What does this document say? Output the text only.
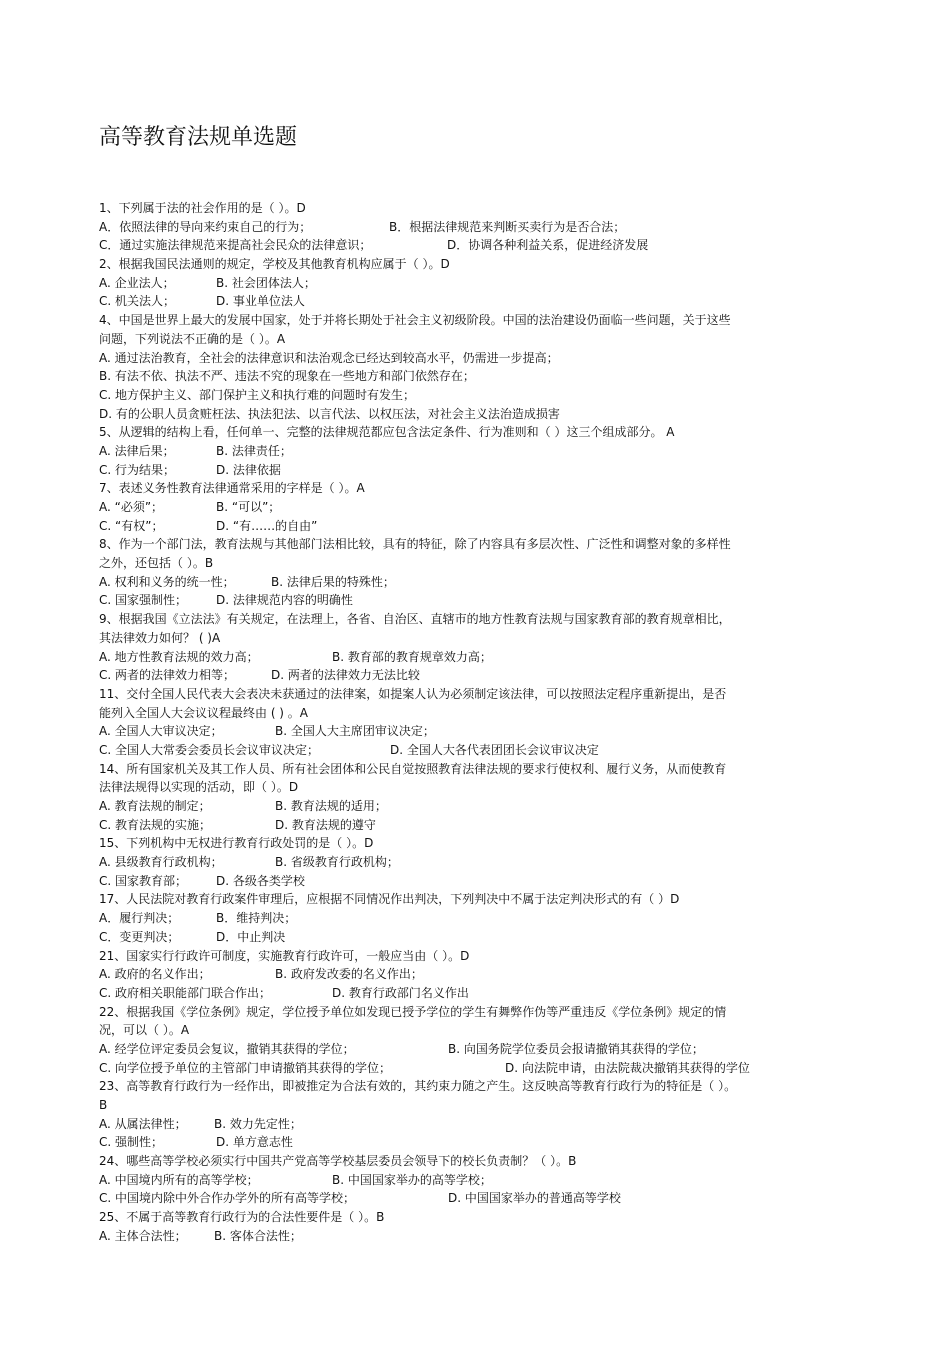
高等教育法规单选题
1、下列属于法的社会作用的是（ ）。D
A．依照法律的导向来约束自己的行为；	B．根据法律规范来判断买卖行为是否合法；
C．通过实施法律规范来提高社会民众的法律意识；	D．协调各种利益关系，促进经济发展
2、根据我国民法通则的规定，学校及其他教育机构应属于（ ）。D
A. 企业法人；	B. 社会团体法人；
C. 机关法人；	D. 事业单位法人
4、中国是世界上最大的发展中国家，处于并将长期处于社会主义初级阶段。中国的法治建设仍面临一些问题，关于这些
问题，下列说法不正确的是（ ）。A
A. 通过法治教育，全社会的法律意识和法治观念已经达到较高水平，仍需进一步提高；
B. 有法不依、执法不严、违法不究的现象在一些地方和部门依然存在；
C. 地方保护主义、部门保护主义和执行难的问题时有发生；
D. 有的公职人员贪赃枉法、执法犯法、以言代法、以权压法，对社会主义法治造成损害
5、从逻辑的结构上看，任何单一、完整的法律规范都应包含法定条件、行为准则和（ ）这三个组成部分。 A
A. 法律后果；	B. 法律责任；
C. 行为结果；	D. 法律依据
7、表述义务性教育法律通常采用的字样是（ ）。A
A. “必须”；	B. “可以”；
C. “有权”；	D. “有……的自由”
8、作为一个部门法，教育法规与其他部门法相比较，具有的特征，除了内容具有多层次性、广泛性和调整对象的多样性
之外，还包括（ ）。B
A. 权利和义务的统一性；	B. 法律后果的特殊性；
C. 国家强制性； D. 法律规范内容的明确性
9、根据我国《立法法》有关规定，在法理上，各省、自治区、直辖市的地方性教育法规与国家教育部的教育规章相比，
其法律效力如何？ ( )A
A. 地方性教育法规的效力高；	B. 教育部的教育规章效力高；
C. 两者的法律效力相等；	D. 两者的法律效力无法比较
11、交付全国人民代表大会表决未获通过的法律案，如提案人认为必须制定该法律，可以按照法定程序重新提出，是否
能列入全国人大会议议程最终由 ( ) 。A
A. 全国人大审议决定；	B. 全国人大主席团审议决定；
C. 全国人大常委会委员长会议审议决定；	D. 全国人大各代表团团长会议审议决定
14、所有国家机关及其工作人员、所有社会团体和公民自觉按照教育法律法规的要求行使权利、履行义务，从而使教育
法律法规得以实现的活动，即（ ）。D
A. 教育法规的制定；	B. 教育法规的适用；
C. 教育法规的实施；	D. 教育法规的遵守
15、下列机构中无权进行教育行政处罚的是（ ）。D
A. 县级教育行政机构；	B. 省级教育行政机构；
C. 国家教育部； D. 各级各类学校
17、人民法院对教育行政案件审理后，应根据不同情况作出判决，下列判决中不属于法定判决形式的有（ ）D
A．履行判决；	B．维持判决；
C．变更判决；	D．中止判决
21、国家实行行政许可制度，实施教育行政许可，一般应当由（ ）。D
A. 政府的名义作出；	B. 政府发改委的名义作出；
C. 政府相关职能部门联合作出；	D. 教育行政部门名义作出
22、根据我国《学位条例》规定，学位授予单位如发现已授予学位的学生有舞弊作伪等严重违反《学位条例》规定的情
况，可以（ ）。A
A. 经学位评定委员会复议，撤销其获得的学位；	B. 向国务院学位委员会报请撤销其获得的学位；
C. 向学位授予单位的主管部门申请撤销其获得的学位；	D. 向法院申请，由法院裁决撤销其获得的学位
23、高等教育行政行为一经作出，即被推定为合法有效的，其约束力随之产生。这反映高等教育行政行为的特征是（ ）。
B
A. 从属法律性； B. 效力先定性；
C. 强制性；	D. 单方意志性
24、哪些高等学校必须实行中国共产党高等学校基层委员会领导下的校长负责制？（ ）。B
A. 中国境内所有的高等学校；	B. 中国国家举办的高等学校；
C. 中国境内除中外合作办学外的所有高等学校；	D. 中国国家举办的普通高等学校
25、不属于高等教育行政行为的合法性要件是（ ）。B
A. 主体合法性； B. 客体合法性；
